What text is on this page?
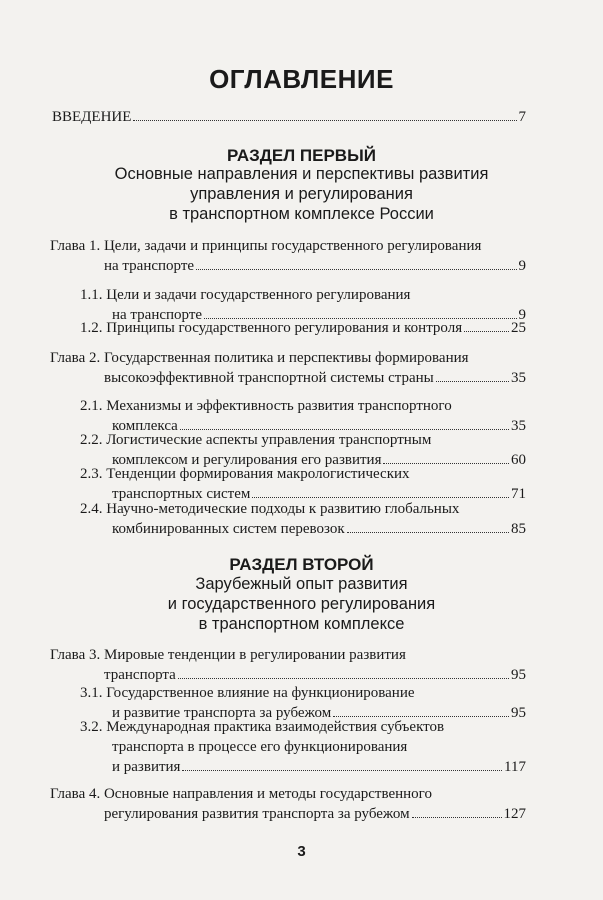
ОГЛАВЛЕНИЕ
ВВЕДЕНИЕ	7
РАЗДЕЛ ПЕРВЫЙ
Основные направления и перспективы развития
управления и регулирования
в транспортном комплексе России
Глава 1. Цели, задачи и принципы государственного регулирования
на транспорте	9
1.1. Цели и задачи государственного регулирования
на транспорте	9
1.2. Принципы государственного регулирования и контроля	25
Глава 2. Государственная политика и перспективы формирования
высокоэффективной транспортной системы страны	35
2.1. Механизмы и эффективность развития транспортного
комплекса	35
2.2. Логистические аспекты управления транспортным
комплексом и регулирования его развития	60
2.3. Тенденции формирования макрологистических
транспортных систем	71
2.4. Научно-методические подходы к развитию глобальных
комбинированных систем перевозок	85
РАЗДЕЛ ВТОРОЙ
Зарубежный опыт развития
и государственного регулирования
в транспортном комплексе
Глава 3. Мировые тенденции в регулировании развития
транспорта	95
3.1. Государственное влияние на функционирование
и развитие транспорта за рубежом	95
3.2. Международная практика взаимодействия субъектов
транспорта в процессе его функционирования
и развития	117
Глава 4. Основные направления и методы государственного
регулирования развития транспорта за рубежом	127
3
